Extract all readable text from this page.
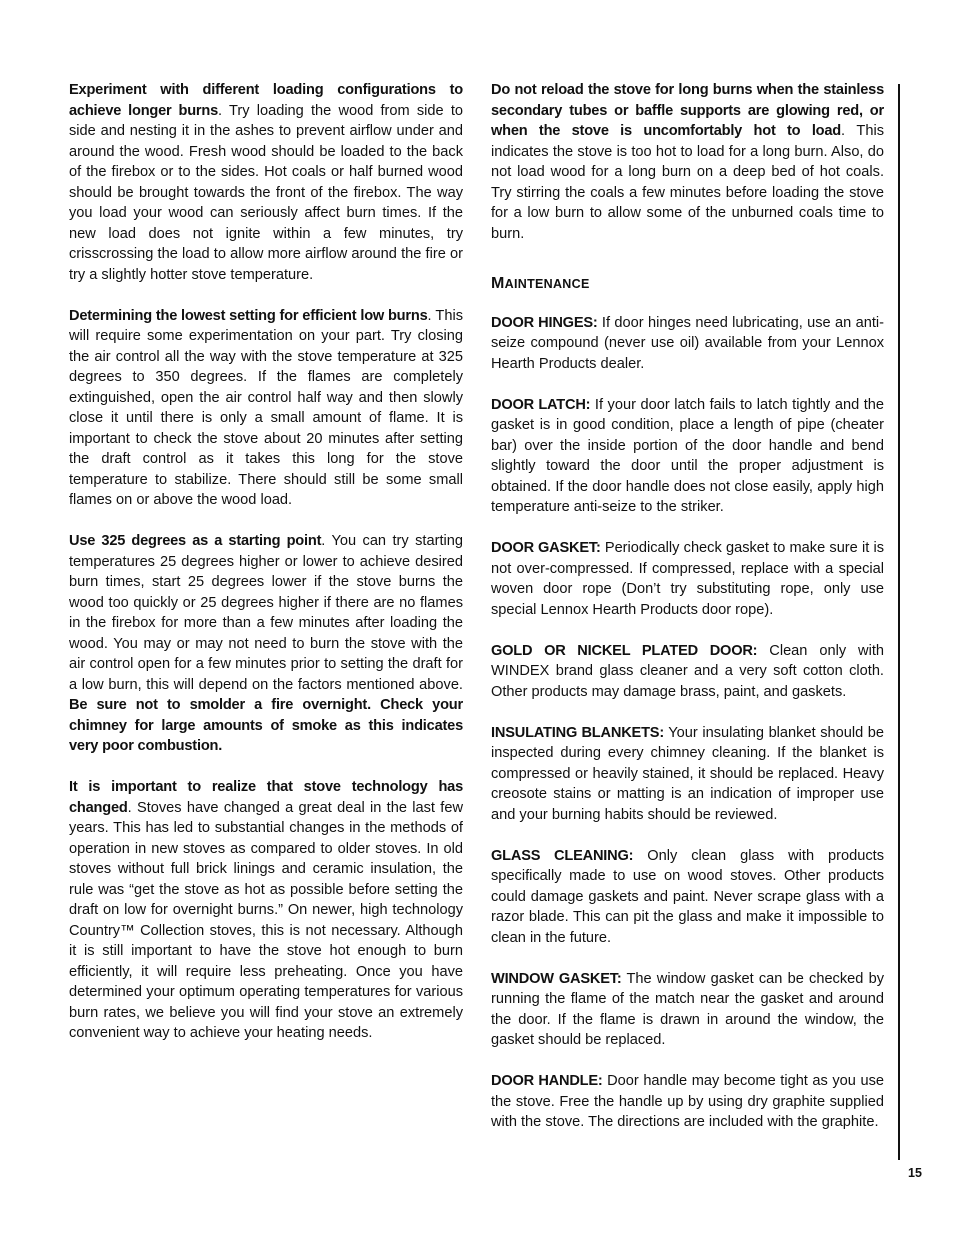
Experiment with different loading configurations to achieve longer burns. Try loading the wood from side to side and nesting it in the ashes to prevent airflow under and around the wood. Fresh wood should be loaded to the back of the firebox or to the sides. Hot coals or half burned wood should be brought towards the front of the firebox. The way you load your wood can seriously affect burn times. If the new load does not ignite within a few minutes, try crisscrossing the load to allow more airflow around the fire or try a slightly hotter stove temperature.

Determining the lowest setting for efficient low burns. This will require some experimentation on your part. Try closing the air control all the way with the stove temperature at 325 degrees to 350 degrees. If the flames are completely extinguished, open the air control half way and then slowly close it until there is only a small amount of flame. It is important to check the stove about 20 minutes after setting the draft control as it takes this long for the stove temperature to stabilize. There should still be some small flames on or above the wood load.

Use 325 degrees as a starting point. You can try starting temperatures 25 degrees higher or lower to achieve desired burn times, start 25 degrees lower if the stove burns the wood too quickly or 25 degrees higher if there are no flames in the firebox for more than a few minutes after loading the wood. You may or may not need to burn the stove with the air control open for a few minutes prior to setting the draft for a low burn, this will depend on the factors mentioned above. Be sure not to smolder a fire overnight. Check your chimney for large amounts of smoke as this indicates very poor combustion.

It is important to realize that stove technology has changed. Stoves have changed a great deal in the last few years. This has led to substantial changes in the methods of operation in new stoves as compared to older stoves. In old stoves without full brick linings and ceramic insulation, the rule was “get the stove as hot as possible before setting the draft on low for overnight burns.” On newer, high technology Country™ Collection stoves, this is not necessary. Although it is still important to have the stove hot enough to burn efficiently, it will require less preheating. Once you have determined your optimum operating temperatures for various burn rates, we believe you will find your stove an extremely convenient way to achieve your heating needs.

Do not reload the stove for long burns when the stainless secondary tubes or baffle supports are glowing red, or when the stove is uncomfortably hot to load. This indicates the stove is too hot to load for a long burn. Also, do not load wood for a long burn on a deep bed of hot coals. Try stirring the coals a few minutes before loading the stove for a low burn to allow some of the unburned coals time to burn.

MAINTENANCE

DOOR HINGES: If door hinges need lubricating, use an anti-seize compound (never use oil) available from your Lennox Hearth Products dealer.

DOOR LATCH: If your door latch fails to latch tightly and the gasket is in good condition, place a length of pipe (cheater bar) over the inside portion of the door handle and bend slightly toward the door until the proper adjustment is obtained. If the door handle does not close easily, apply high temperature anti-seize to the striker.

DOOR GASKET: Periodically check gasket to make sure it is not over-compressed. If compressed, replace with a special woven door rope (Don’t try substituting rope, only use special Lennox Hearth Products door rope).

GOLD OR NICKEL PLATED DOOR: Clean only with WINDEX brand glass cleaner and a very soft cotton cloth. Other products may damage brass, paint, and gaskets.

INSULATING BLANKETS: Your insulating blanket should be inspected during every chimney cleaning. If the blanket is compressed or heavily stained, it should be replaced. Heavy creosote stains or matting is an indication of improper use and your burning habits should be reviewed.

GLASS CLEANING: Only clean glass with products specifically made to use on wood stoves. Other products could damage gaskets and paint. Never scrape glass with a razor blade. This can pit the glass and make it impossible to clean in the future.

WINDOW GASKET: The window gasket can be checked by running the flame of the match near the gasket and around the door. If the flame is drawn in around the window, the gasket should be replaced.

DOOR HANDLE: Door handle may become tight as you use the stove. Free the handle up by using dry graphite supplied with the stove. The directions are included with the graphite.

15
